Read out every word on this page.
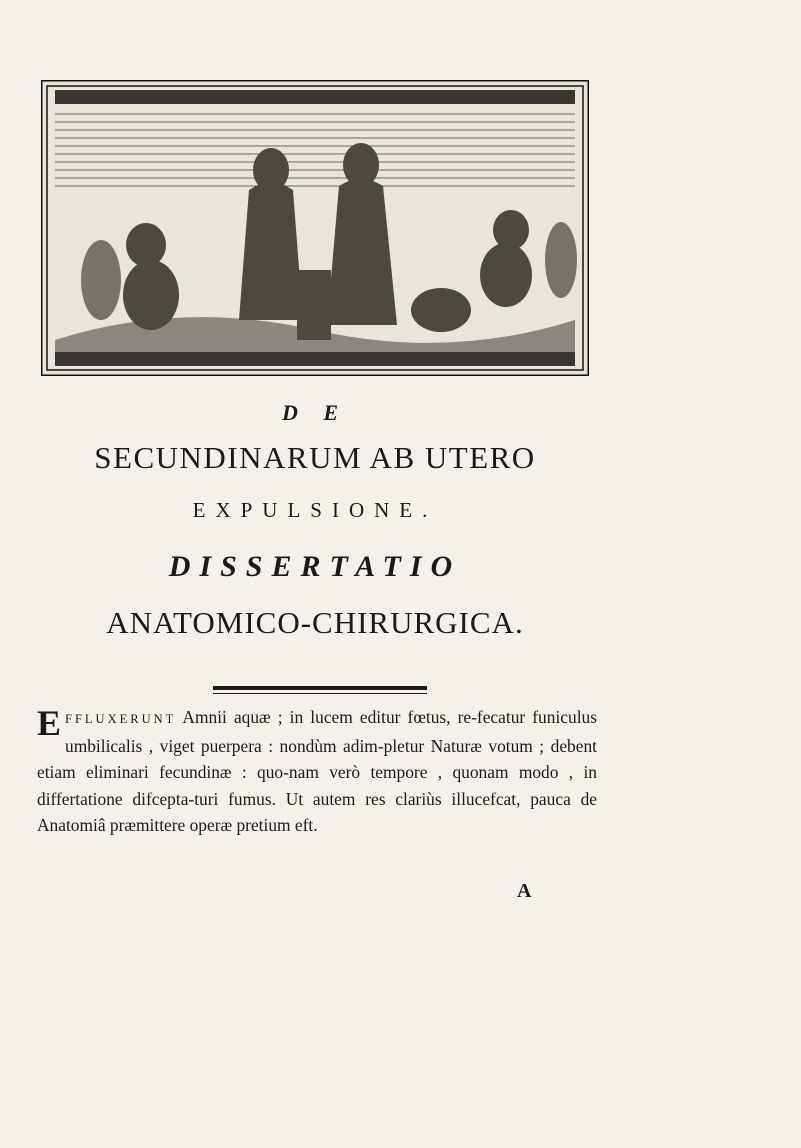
D E
SECUNDINARUM AB UTERO
EXPULSIONE.
DISSERTATIO
ANATOMICO-CHIRURGICA.
EFFLUXERUNT Amnii aquæ ; in lucem editur fœtus, re-fecatur funiculus umbilicalis , viget puerpera : nondùm adim-pletur Naturæ votum ; debent etiam eliminari fecundinæ : quo-nam verò tempore , quonam modo , in differtatione difcepta-turi fumus. Ut autem res clariùs illucefcat, pauca de Anatomiâ præmittere operæ pretium eft.
A
